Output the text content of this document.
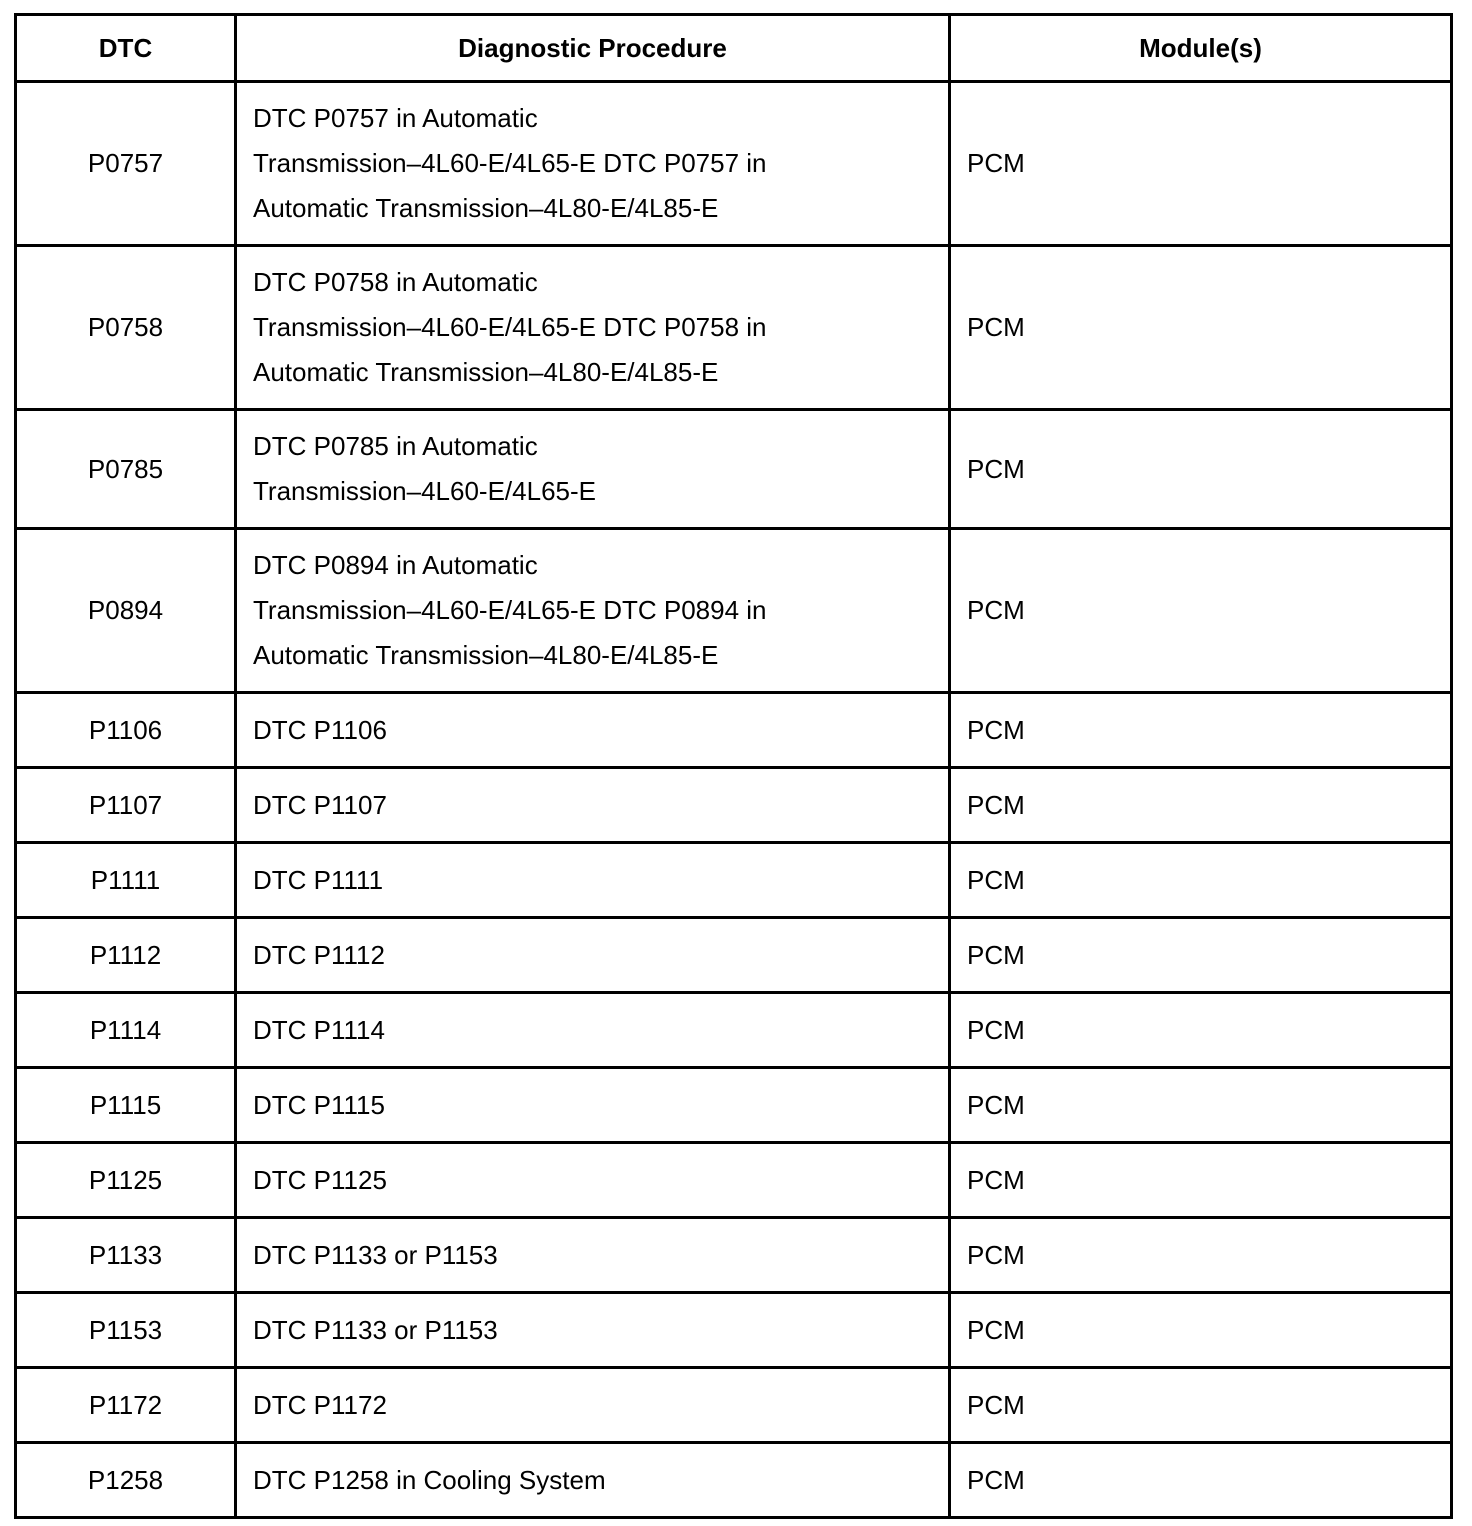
DTC	Diagnostic Procedure	Module(s)
P0757	DTC P0757 in Automatic
Transmission–4L60-E/4L65-E DTC P0757 in
Automatic Transmission–4L80-E/4L85-E	PCM
P0758	DTC P0758 in Automatic
Transmission–4L60-E/4L65-E DTC P0758 in
Automatic Transmission–4L80-E/4L85-E	PCM
P0785	DTC P0785 in Automatic
Transmission–4L60-E/4L65-E	PCM
P0894	DTC P0894 in Automatic
Transmission–4L60-E/4L65-E DTC P0894 in
Automatic Transmission–4L80-E/4L85-E	PCM
P1106	DTC P1106	PCM
P1107	DTC P1107	PCM
P1111	DTC P1111	PCM
P1112	DTC P1112	PCM
P1114	DTC P1114	PCM
P1115	DTC P1115	PCM
P1125	DTC P1125	PCM
P1133	DTC P1133 or P1153	PCM
P1153	DTC P1133 or P1153	PCM
P1172	DTC P1172	PCM
P1258	DTC P1258 in Cooling System	PCM
